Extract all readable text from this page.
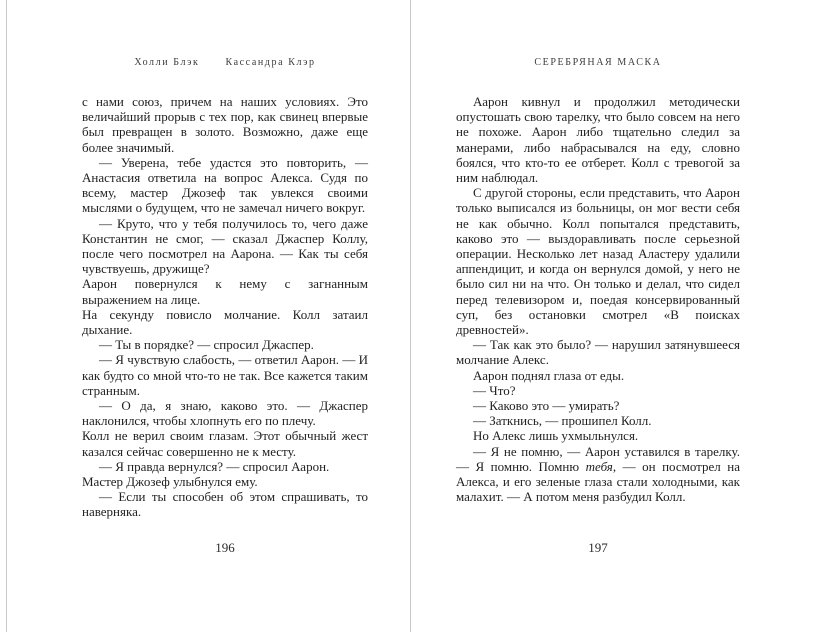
Холли Блэк	Кассандра Клэр

с нами союз, причем на наших условиях. Это величайший прорыв с тех пор, как свинец впервые был превращен в золото. Возможно, даже еще более значимый.

— Уверена, тебе удастся это повторить, — Анастасия ответила на вопрос Алекса. Судя по всему, мастер Джозеф так увлекся своими мыслями о будущем, что не замечал ничего вокруг.

— Круто, что у тебя получилось то, чего даже Константин не смог, — сказал Джаспер Коллу, после чего посмотрел на Аарона. — Как ты себя чувствуешь, дружище?

Аарон повернулся к нему с загнанным выражением на лице.

На секунду повисло молчание. Колл затаил дыхание.

— Ты в порядке? — спросил Джаспер.

— Я чувствую слабость, — ответил Аарон. — И как будто со мной что-то не так. Все кажется таким странным.

— О да, я знаю, каково это. — Джаспер наклонился, чтобы хлопнуть его по плечу.

Колл не верил своим глазам. Этот обычный жест казался сейчас совершенно не к месту.

— Я правда вернулся? — спросил Аарон.

Мастер Джозеф улыбнулся ему.

— Если ты способен об этом спрашивать, то наверняка.

196
СЕРЕБРЯНАЯ МАСКА

Аарон кивнул и продолжил методически опустошать свою тарелку, что было совсем на него не похоже. Аарон либо тщательно следил за манерами, либо набрасывался на еду, словно боялся, что кто-то ее отберет. Колл с тревогой за ним наблюдал.

С другой стороны, если представить, что Аарон только выписался из больницы, он мог вести себя не как обычно. Колл попытался представить, каково это — выздоравливать после серьезной операции. Несколько лет назад Аластеру удалили аппендицит, и когда он вернулся домой, у него не было сил ни на что. Он только и делал, что сидел перед телевизором и, поедая консервированный суп, без остановки смотрел «В поисках древностей».

— Так как это было? — нарушил затянувшееся молчание Алекс.

Аарон поднял глаза от еды.

— Что?

— Каково это — умирать?

— Заткнись, — прошипел Колл.

Но Алекс лишь ухмыльнулся.

— Я не помню, — Аарон уставился в тарелку. — Я помню. Помню тебя, — он посмотрел на Алекса, и его зеленые глаза стали холодными, как малахит. — А потом меня разбудил Колл.

197
